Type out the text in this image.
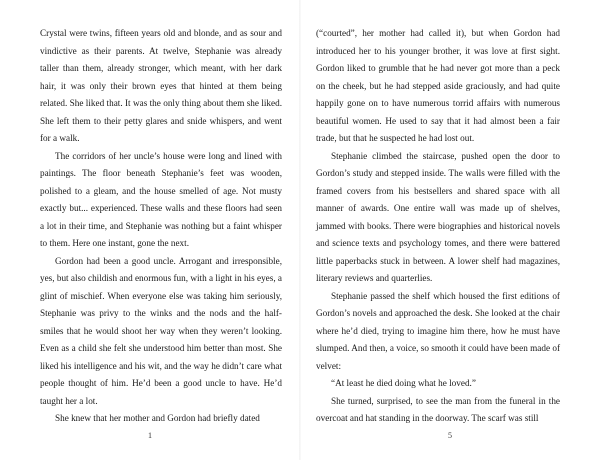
Crystal were twins, fifteen years old and blonde, and as sour and vindictive as their parents. At twelve, Stephanie was already taller than them, already stronger, which meant, with her dark hair, it was only their brown eyes that hinted at them being related. She liked that. It was the only thing about them she liked. She left them to their petty glares and snide whispers, and went for a walk.

The corridors of her uncle’s house were long and lined with paintings. The floor beneath Stephanie’s feet was wooden, polished to a gleam, and the house smelled of age. Not musty exactly but... experienced. These walls and these floors had seen a lot in their time, and Stephanie was nothing but a faint whisper to them. Here one instant, gone the next.

Gordon had been a good uncle. Arrogant and irresponsible, yes, but also childish and enormous fun, with a light in his eyes, a glint of mischief. When everyone else was taking him seriously, Stephanie was privy to the winks and the nods and the half-smiles that he would shoot her way when they weren’t looking. Even as a child she felt she understood him better than most. She liked his intelligence and his wit, and the way he didn’t care what people thought of him. He’d been a good uncle to have. He’d taught her a lot.

She knew that her mother and Gordon had briefly dated

1

(“courted”, her mother had called it), but when Gordon had introduced her to his younger brother, it was love at first sight. Gordon liked to grumble that he had never got more than a peck on the cheek, but he had stepped aside graciously, and had quite happily gone on to have numerous torrid affairs with numerous beautiful women. He used to say that it had almost been a fair trade, but that he suspected he had lost out.

Stephanie climbed the staircase, pushed open the door to Gordon’s study and stepped inside. The walls were filled with the framed covers from his bestsellers and shared space with all manner of awards. One entire wall was made up of shelves, jammed with books. There were biographies and historical novels and science texts and psychology tomes, and there were battered little paperbacks stuck in between. A lower shelf had magazines, literary reviews and quarterlies.

Stephanie passed the shelf which housed the first editions of Gordon’s novels and approached the desk. She looked at the chair where he’d died, trying to imagine him there, how he must have slumped. And then, a voice, so smooth it could have been made of velvet:

“At least he died doing what he loved.”

She turned, surprised, to see the man from the funeral in the overcoat and hat standing in the doorway. The scarf was still

5
